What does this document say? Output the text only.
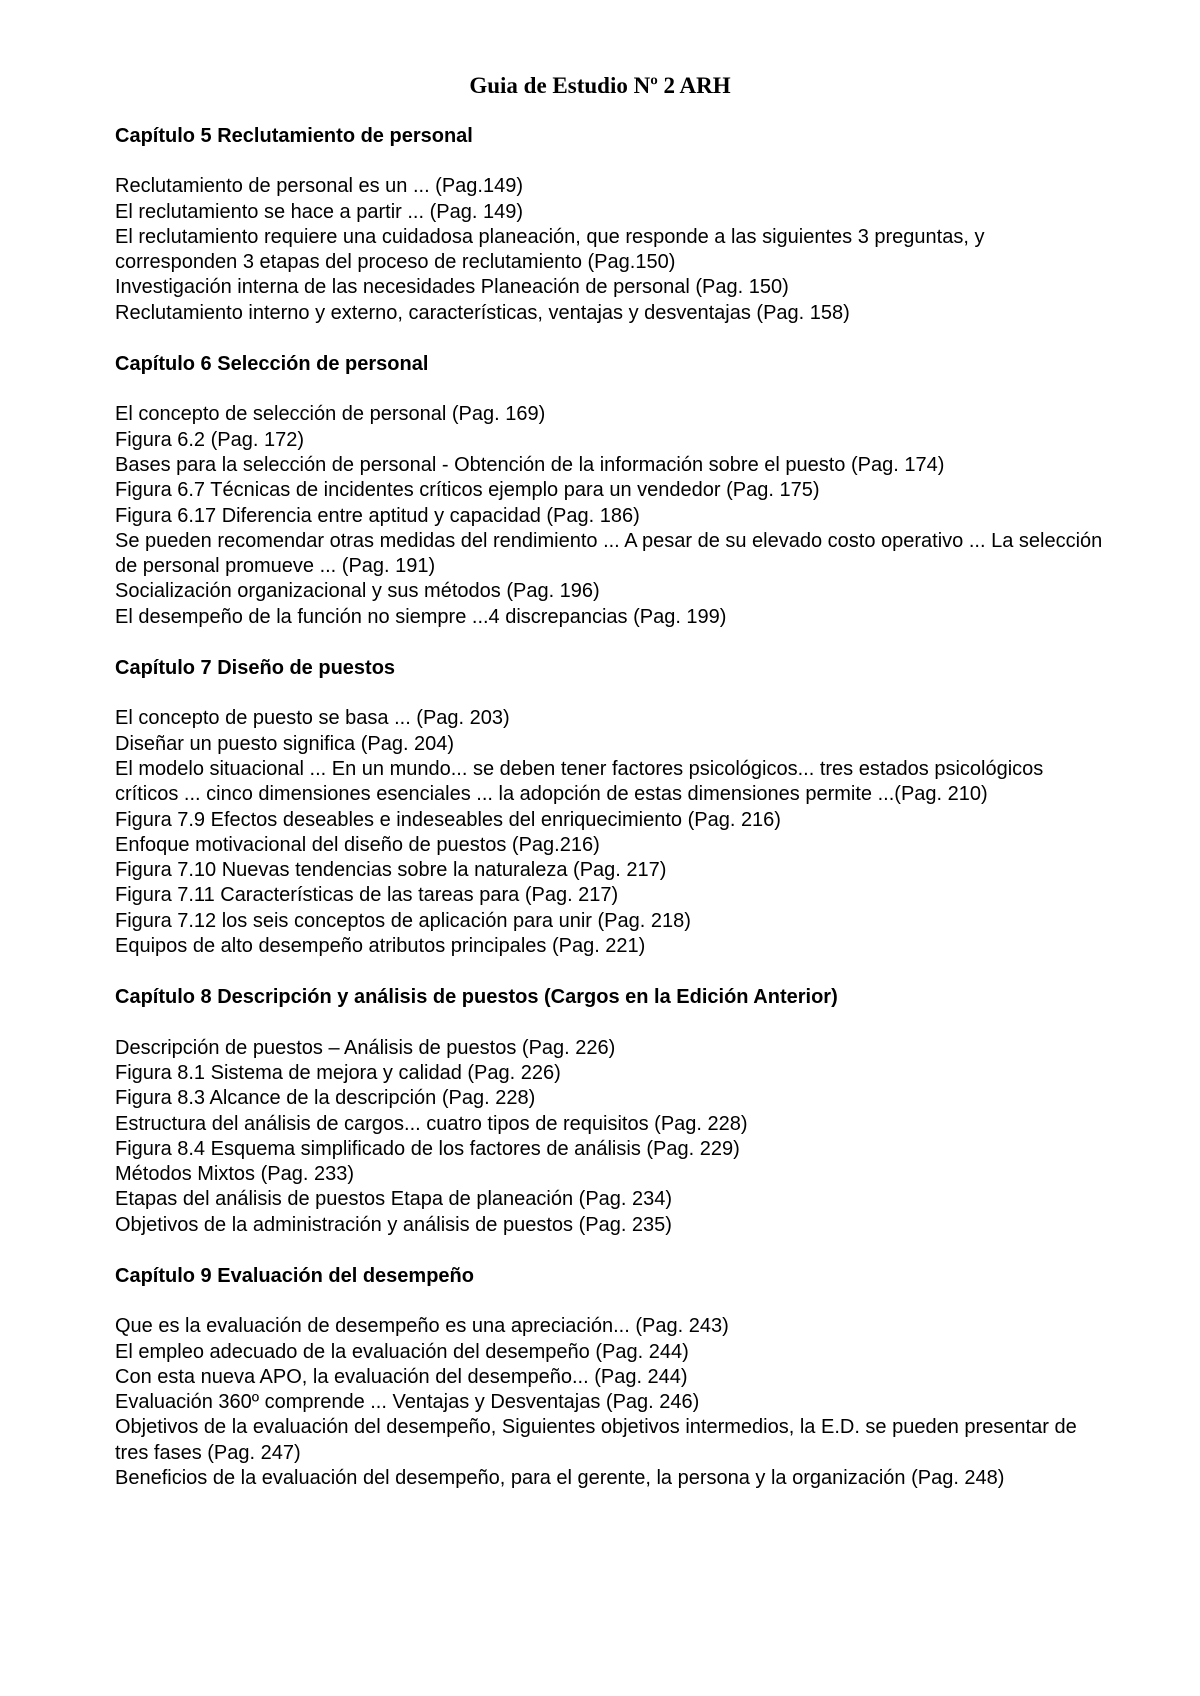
Guia de Estudio Nº 2 ARH
Capítulo 5 Reclutamiento de personal
Reclutamiento de personal es un ... (Pag.149)
El reclutamiento se hace a partir ... (Pag. 149)
El reclutamiento requiere una cuidadosa planeación, que responde a las siguientes 3 preguntas, y corresponden 3 etapas del proceso de reclutamiento (Pag.150)
Investigación interna de las necesidades Planeación de personal (Pag. 150)
Reclutamiento interno y externo, características, ventajas y desventajas (Pag. 158)
Capítulo 6 Selección de personal
El concepto de selección de personal (Pag. 169)
Figura 6.2 (Pag. 172)
Bases para la selección de personal - Obtención de la información sobre el puesto (Pag. 174)
Figura 6.7 Técnicas de incidentes críticos ejemplo para un vendedor (Pag. 175)
Figura 6.17 Diferencia entre aptitud y capacidad (Pag. 186)
Se pueden recomendar otras medidas del rendimiento ... A pesar de su elevado costo operativo ... La selección de personal promueve ... (Pag. 191)
Socialización organizacional y sus métodos (Pag. 196)
El desempeño de la función no siempre ...4 discrepancias (Pag. 199)
Capítulo 7 Diseño de puestos
El concepto de puesto se basa ... (Pag. 203)
Diseñar un puesto significa (Pag. 204)
El modelo situacional ... En un mundo... se deben tener factores psicológicos... tres estados psicológicos críticos ... cinco dimensiones esenciales ... la adopción de estas dimensiones permite ...(Pag. 210)
Figura 7.9 Efectos deseables e indeseables del enriquecimiento (Pag. 216)
Enfoque motivacional del diseño de puestos (Pag.216)
Figura 7.10 Nuevas tendencias sobre la naturaleza (Pag. 217)
Figura 7.11 Características de las tareas para (Pag. 217)
Figura 7.12 los seis conceptos de aplicación para unir (Pag. 218)
Equipos de alto desempeño atributos principales (Pag. 221)
Capítulo 8 Descripción y análisis de puestos (Cargos en la Edición Anterior)
Descripción de puestos – Análisis de puestos (Pag. 226)
Figura 8.1 Sistema de mejora y calidad (Pag. 226)
Figura 8.3 Alcance de la descripción (Pag. 228)
Estructura del análisis de cargos... cuatro tipos de requisitos (Pag. 228)
Figura 8.4 Esquema simplificado de los factores de análisis (Pag. 229)
Métodos Mixtos (Pag. 233)
Etapas del análisis de puestos Etapa de planeación (Pag. 234)
Objetivos de la administración y análisis de puestos (Pag. 235)
Capítulo 9 Evaluación del desempeño
Que es la evaluación de desempeño es una apreciación... (Pag. 243)
El empleo adecuado de la evaluación del desempeño (Pag. 244)
Con esta nueva APO, la evaluación del desempeño... (Pag. 244)
Evaluación 360º comprende ... Ventajas y Desventajas (Pag. 246)
Objetivos de la evaluación del desempeño, Siguientes objetivos intermedios, la E.D. se pueden presentar de tres fases (Pag. 247)
Beneficios de la evaluación del desempeño, para el gerente, la persona y la organización (Pag. 248)
